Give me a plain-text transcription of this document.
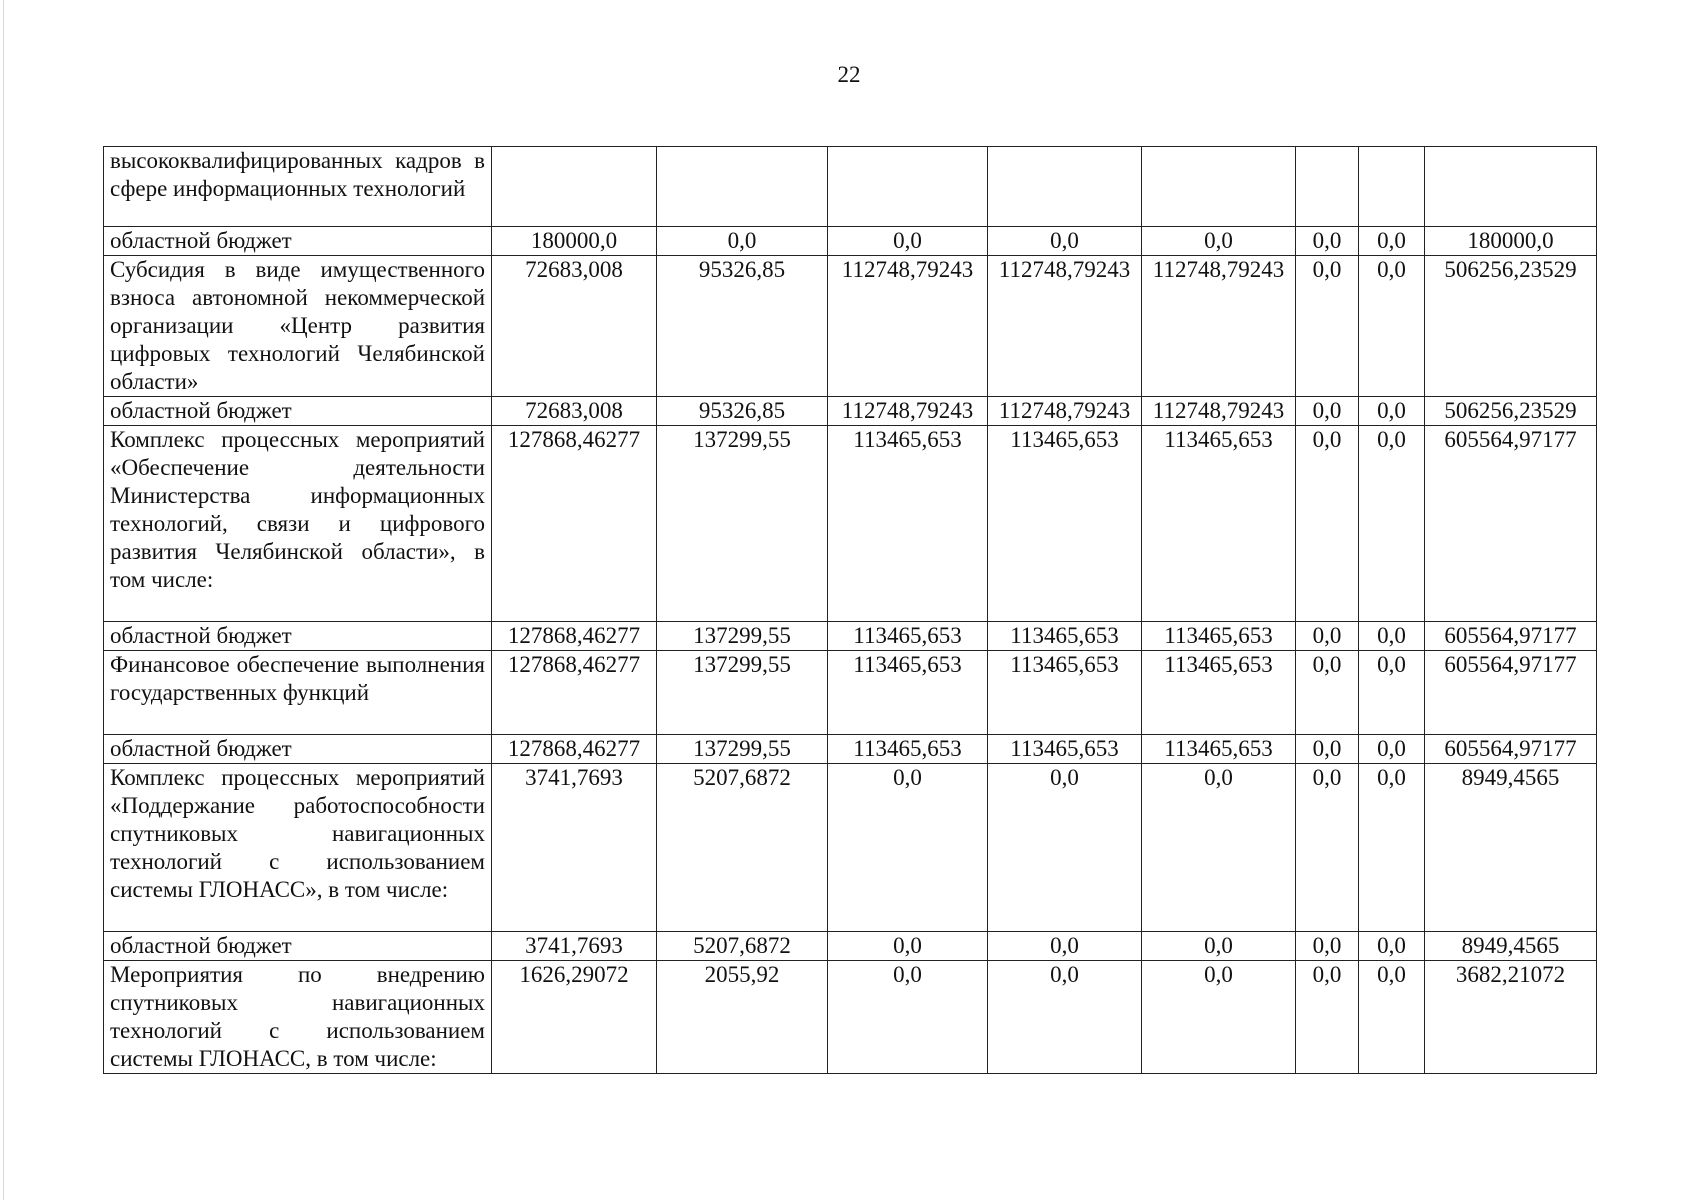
22
высококвалифицированных кадров в сфере информационных технологий								
областной бюджет	180000,0	0,0	0,0	0,0	0,0	0,0	0,0	180000,0
Субсидия в виде имущественного взноса автономной некоммерческой организации «Центр развития цифровых технологий Челябинской области»	72683,008	95326,85	112748,79243	112748,79243	112748,79243	0,0	0,0	506256,23529
областной бюджет	72683,008	95326,85	112748,79243	112748,79243	112748,79243	0,0	0,0	506256,23529
Комплекс процессных мероприятий «Обеспечение деятельности Министерства информационных технологий, связи и цифрового развития Челябинской области», в том числе:	127868,46277	137299,55	113465,653	113465,653	113465,653	0,0	0,0	605564,97177
областной бюджет	127868,46277	137299,55	113465,653	113465,653	113465,653	0,0	0,0	605564,97177
Финансовое обеспечение выполнения государственных функций	127868,46277	137299,55	113465,653	113465,653	113465,653	0,0	0,0	605564,97177
областной бюджет	127868,46277	137299,55	113465,653	113465,653	113465,653	0,0	0,0	605564,97177
Комплекс процессных мероприятий «Поддержание работоспособности спутниковых навигационных технологий с использованием системы ГЛОНАСС», в том числе:	3741,7693	5207,6872	0,0	0,0	0,0	0,0	0,0	8949,4565
областной бюджет	3741,7693	5207,6872	0,0	0,0	0,0	0,0	0,0	8949,4565
Мероприятия по внедрению спутниковых навигационных технологий с использованием системы ГЛОНАСС, в том числе:	1626,29072	2055,92	0,0	0,0	0,0	0,0	0,0	3682,21072
